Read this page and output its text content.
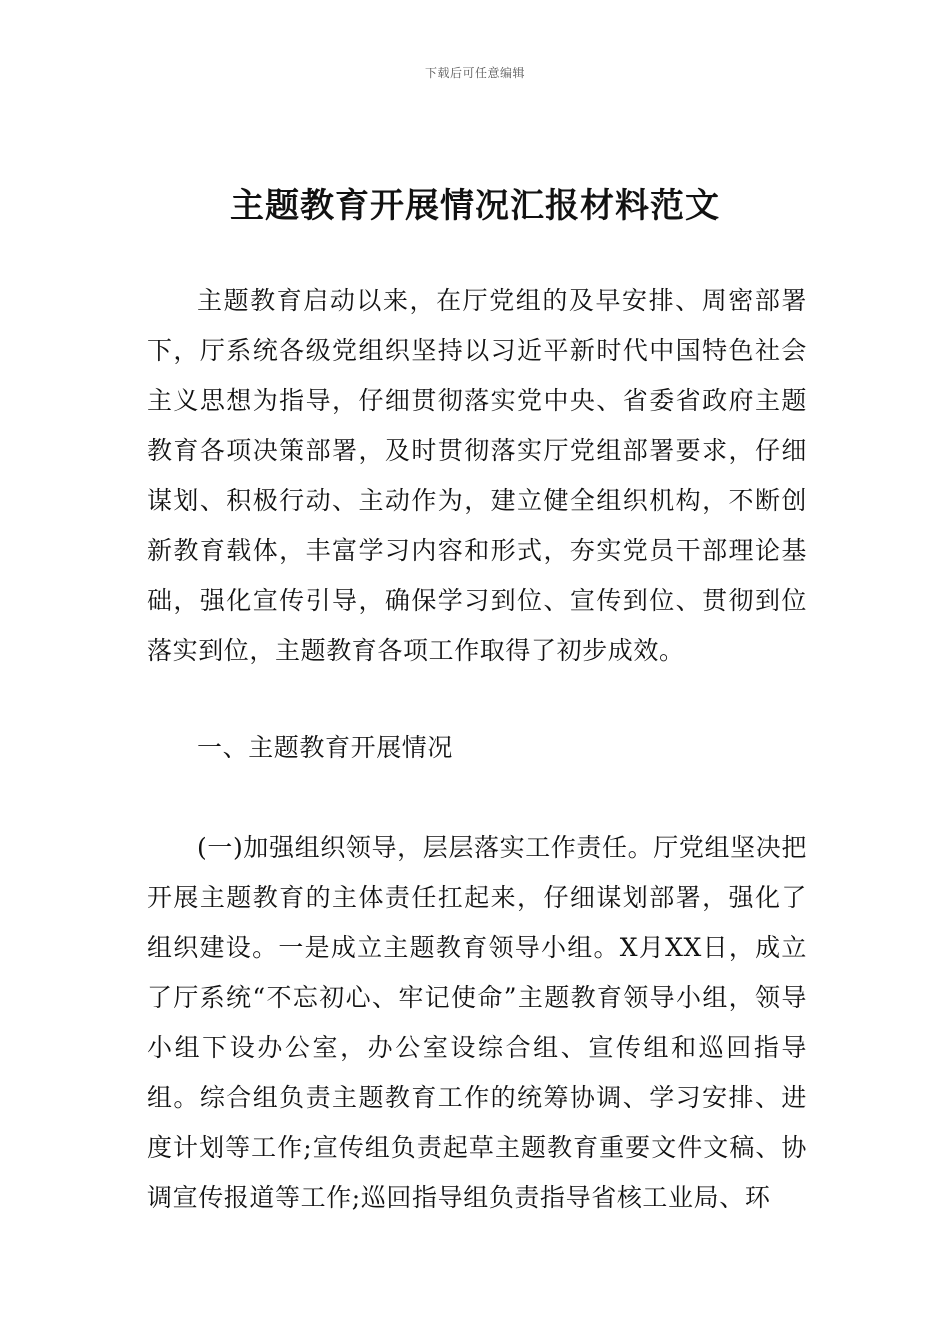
下载后可任意编辑
主题教育开展情况汇报材料范文

主题教育启动以来，在厅党组的及早安排、周密部署下，厅系统各级党组织坚持以习近平新时代中国特色社会主义思想为指导，仔细贯彻落实党中央、省委省政府主题教育各项决策部署，及时贯彻落实厅党组部署要求，仔细谋划、积极行动、主动作为，建立健全组织机构，不断创新教育载体，丰富学习内容和形式，夯实党员干部理论基础，强化宣传引导，确保学习到位、宣传到位、贯彻到位落实到位，主题教育各项工作取得了初步成效。

一、主题教育开展情况

(一)加强组织领导，层层落实工作责任。厅党组坚决把开展主题教育的主体责任扛起来，仔细谋划部署，强化了组织建设。一是成立主题教育领导小组。X月XX日，成立了厅系统“不忘初心、牢记使命”主题教育领导小组，领导小组下设办公室，办公室设综合组、宣传组和巡回指导组。综合组负责主题教育工作的统筹协调、学习安排、进度计划等工作;宣传组负责起草主题教育重要文件文稿、协调宣传报道等工作;巡回指导组负责指导省核工业局、环
